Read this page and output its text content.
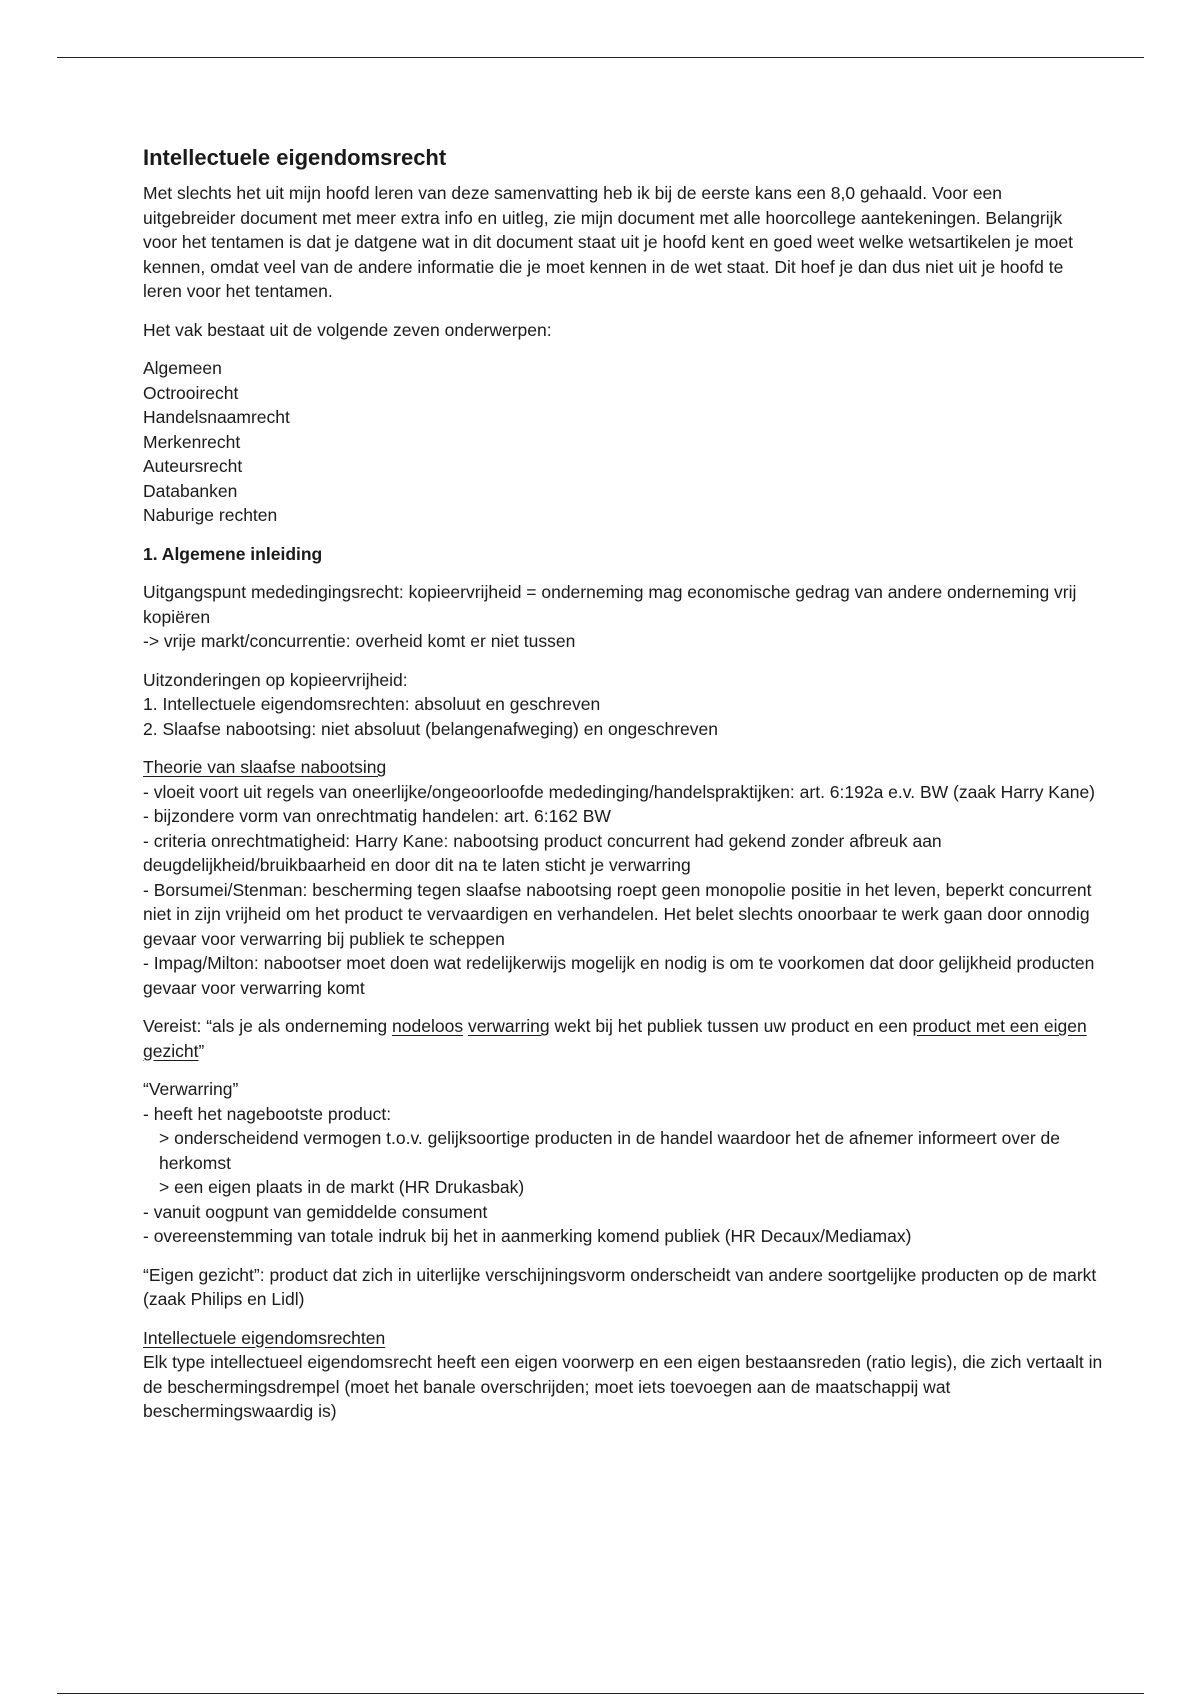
Intellectuele eigendomsrecht

Met slechts het uit mijn hoofd leren van deze samenvatting heb ik bij de eerste kans een 8,0 gehaald. Voor een uitgebreider document met meer extra info en uitleg, zie mijn document met alle hoorcollege aantekeningen. Belangrijk voor het tentamen is dat je datgene wat in dit document staat uit je hoofd kent en goed weet welke wetsartikelen je moet kennen, omdat veel van de andere informatie die je moet kennen in de wet staat. Dit hoef je dan dus niet uit je hoofd te leren voor het tentamen.

Het vak bestaat uit de volgende zeven onderwerpen:

Algemeen
Octrooirecht
Handelsnaamrecht
Merkenrecht
Auteursrecht
Databanken
Naburige rechten
1. Algemene inleiding
Uitgangspunt mededingingsrecht: kopieervrijheid = onderneming mag economische gedrag van andere onderneming vrij kopiëren
-> vrije markt/concurrentie: overheid komt er niet tussen
Uitzonderingen op kopieervrijheid:
1. Intellectuele eigendomsrechten: absoluut en geschreven
2. Slaafse nabootsing: niet absoluut (belangenafweging) en ongeschreven
Theorie van slaafse nabootsing
- vloeit voort uit regels van oneerlijke/ongeoorloofde mededinging/handelspraktijken: art. 6:192a e.v. BW (zaak Harry Kane)
- bijzondere vorm van onrechtmatig handelen: art. 6:162 BW
- criteria onrechtmatigheid: Harry Kane: nabootsing product concurrent had gekend zonder afbreuk aan deugdelijkheid/bruikbaarheid en door dit na te laten sticht je verwarring
- Borsumei/Stenman: bescherming tegen slaafse nabootsing roept geen monopolie positie in het leven, beperkt concurrent niet in zijn vrijheid om het product te vervaardigen en verhandelen. Het belet slechts onoorbaar te werk gaan door onnodig gevaar voor verwarring bij publiek te scheppen
- Impag/Milton: nabootser moet doen wat redelijkerwijs mogelijk en nodig is om te voorkomen dat door gelijkheid producten gevaar voor verwarring komt

Vereist: “als je als onderneming nodeloos verwarring wekt bij het publiek tussen uw product en een product met een eigen gezicht”

“Verwarring”
- heeft het nagebootste product:
> onderscheidend vermogen t.o.v. gelijksoortige producten in de handel waardoor het de afnemer informeert over de herkomst
> een eigen plaats in de markt (HR Drukasbak)
- vanuit oogpunt van gemiddelde consument
- overeenstemming van totale indruk bij het in aanmerking komend publiek (HR Decaux/Mediamax)

“Eigen gezicht”: product dat zich in uiterlijke verschijningsvorm onderscheidt van andere soortgelijke producten op de markt (zaak Philips en Lidl)

Intellectuele eigendomsrechten
Elk type intellectueel eigendomsrecht heeft een eigen voorwerp en een eigen bestaansreden (ratio legis), die zich vertaalt in de beschermingsdrempel (moet het banale overschrijden; moet iets toevoegen aan de maatschappij wat beschermingswaardig is)
